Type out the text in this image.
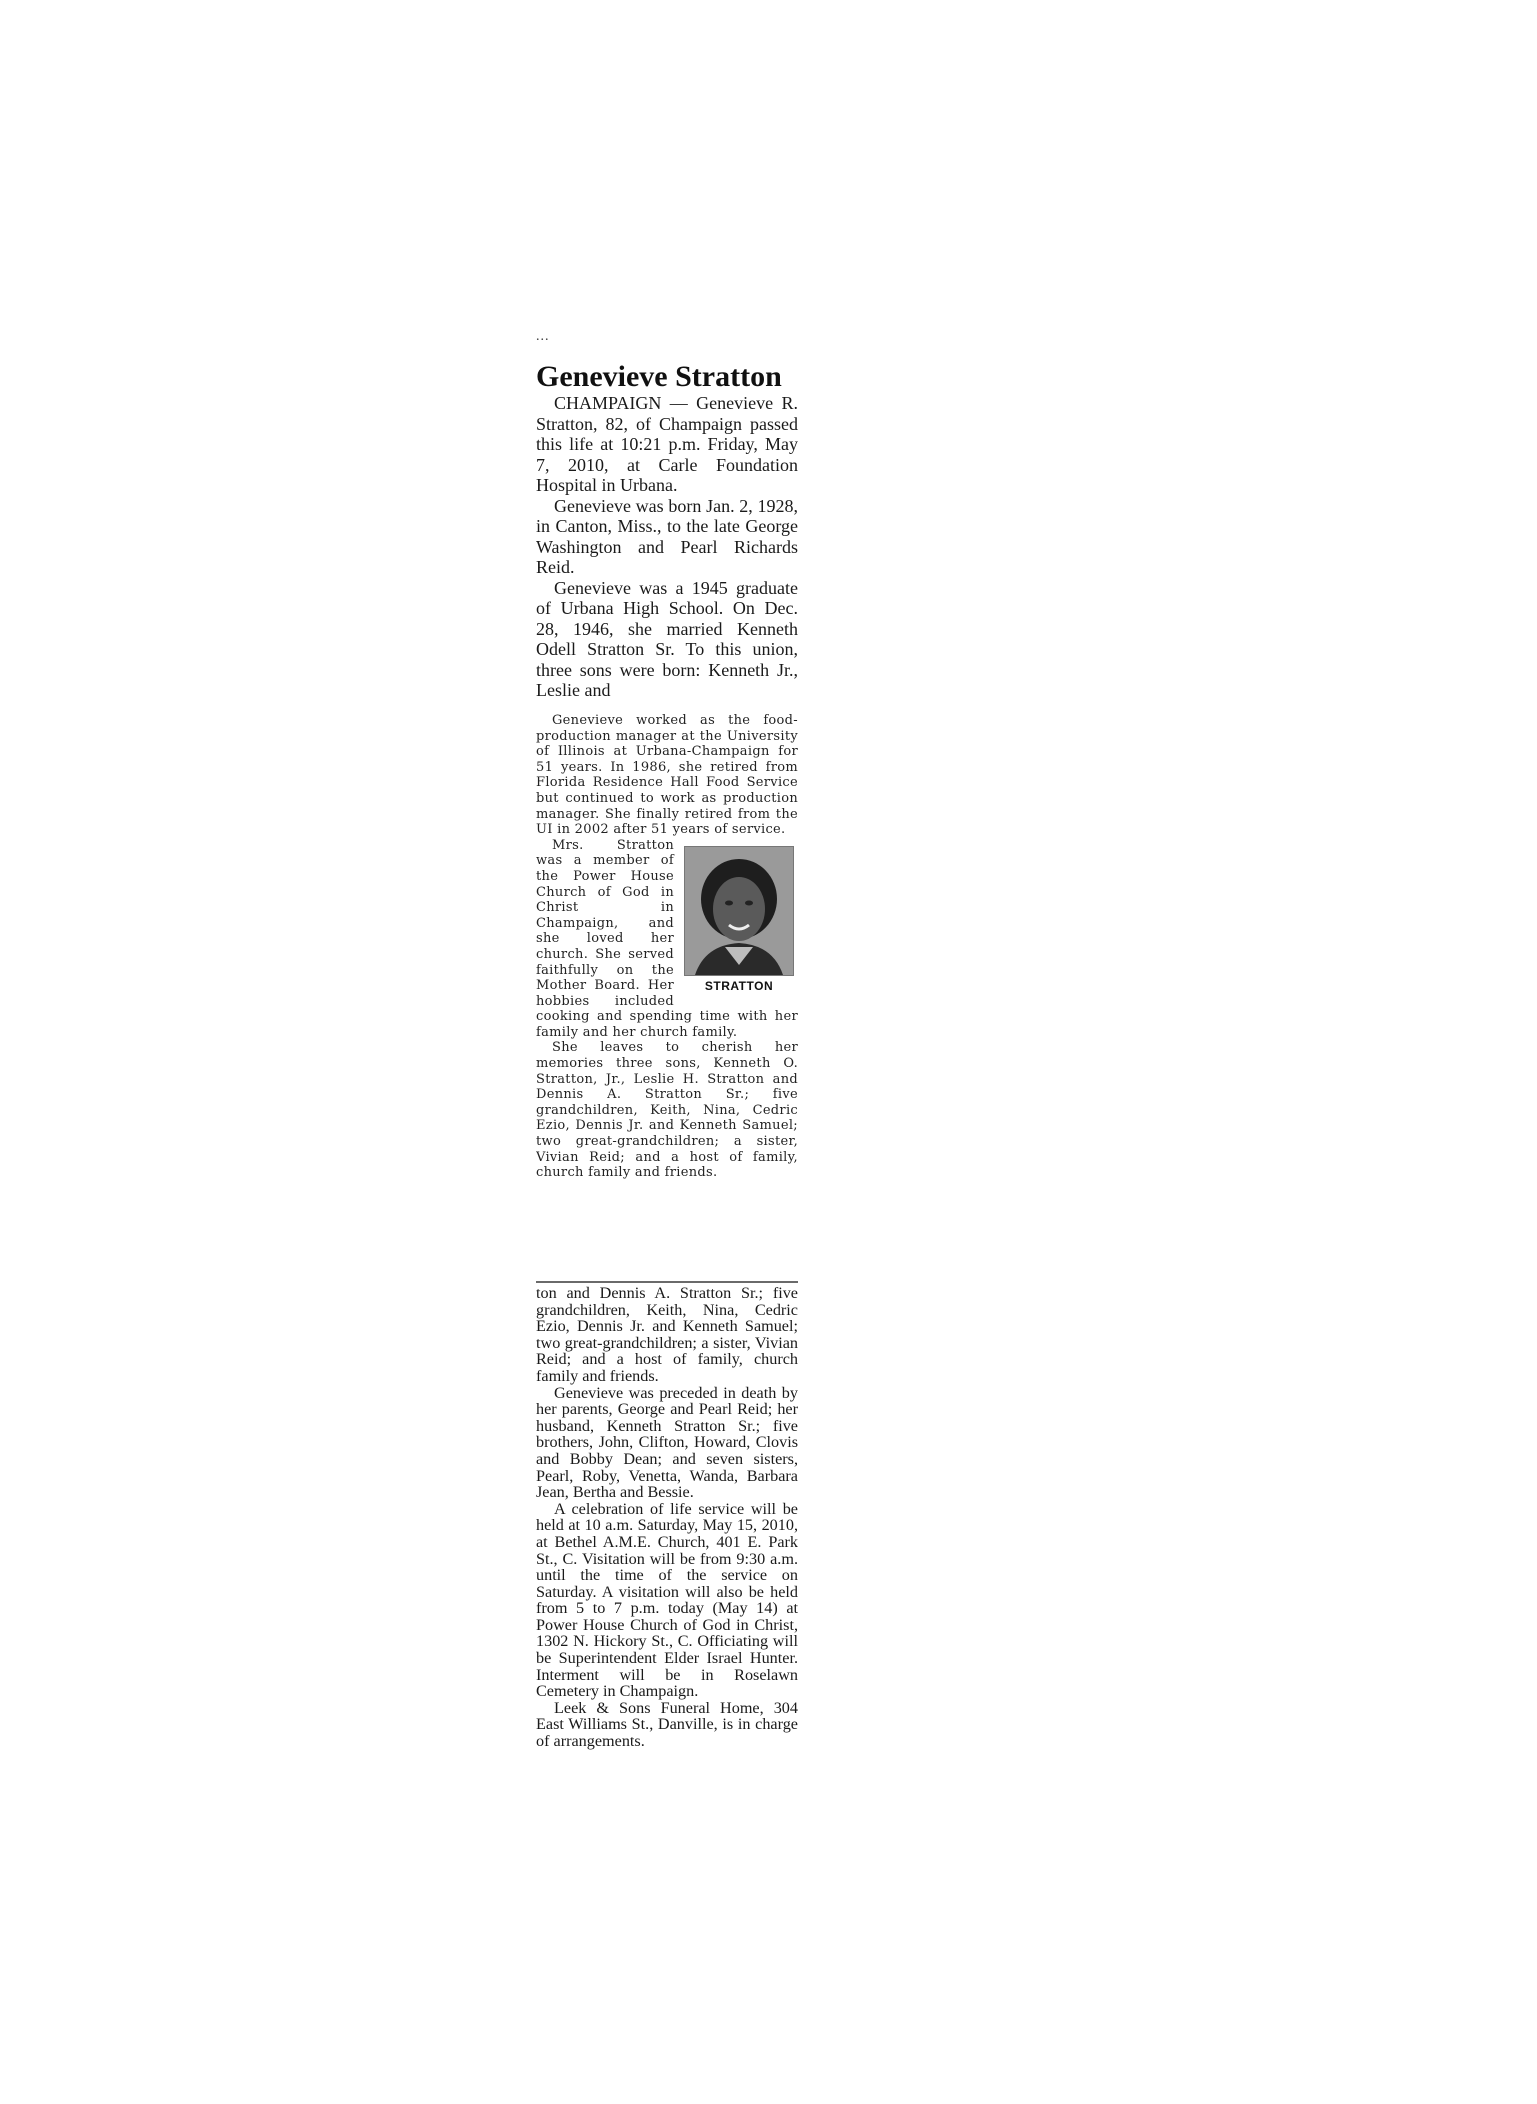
...
Genevieve Stratton

CHAMPAIGN — Genevieve R. Stratton, 82, of Champaign passed this life at 10:21 p.m. Friday, May 7, 2010, at Carle Foundation Hospital in Urbana.

Genevieve was born Jan. 2, 1928, in Canton, Miss., to the late George Washington and Pearl Richards Reid.

Genevieve was a 1945 graduate of Urbana High School. On Dec. 28, 1946, she married Kenneth Odell Stratton Sr. To this union, three sons were born: Kenneth Jr., Leslie and

Genevieve worked as the food-production manager at the University of Illinois at Urbana-Champaign for 51 years. In 1986, she retired from Florida Residence Hall Food Service but continued to work as production manager. She finally retired from the UI in 2002 after 51 years of service.

STRATTON

Mrs. Stratton was a member of the Power House Church of God in Christ in Champaign, and she loved her church. She served faithfully on the Mother Board. Her hobbies included cooking and spending time with her family and her church family.

She leaves to cherish her memories three sons, Kenneth O. Stratton, Jr., Leslie H. Stratton and Dennis A. Stratton Sr.; five grandchildren, Keith, Nina, Cedric Ezio, Dennis Jr. and Kenneth Samuel; two great-grandchildren; a sister, Vivian Reid; and a host of family, church family and friends.

ton and Dennis A. Stratton Sr.; five grandchildren, Keith, Nina, Cedric Ezio, Dennis Jr. and Kenneth Samuel; two great-grandchildren; a sister, Vivian Reid; and a host of family, church family and friends.

Genevieve was preceded in death by her parents, George and Pearl Reid; her husband, Kenneth Stratton Sr.; five brothers, John, Clifton, Howard, Clovis and Bobby Dean; and seven sisters, Pearl, Roby, Venetta, Wanda, Barbara Jean, Bertha and Bessie.

A celebration of life service will be held at 10 a.m. Saturday, May 15, 2010, at Bethel A.M.E. Church, 401 E. Park St., C. Visitation will be from 9:30 a.m. until the time of the service on Saturday. A visitation will also be held from 5 to 7 p.m. today (May 14) at Power House Church of God in Christ, 1302 N. Hickory St., C. Officiating will be Superintendent Elder Israel Hunter. Interment will be in Roselawn Cemetery in Champaign.

Leek & Sons Funeral Home, 304 East Williams St., Danville, is in charge of arrangements.
